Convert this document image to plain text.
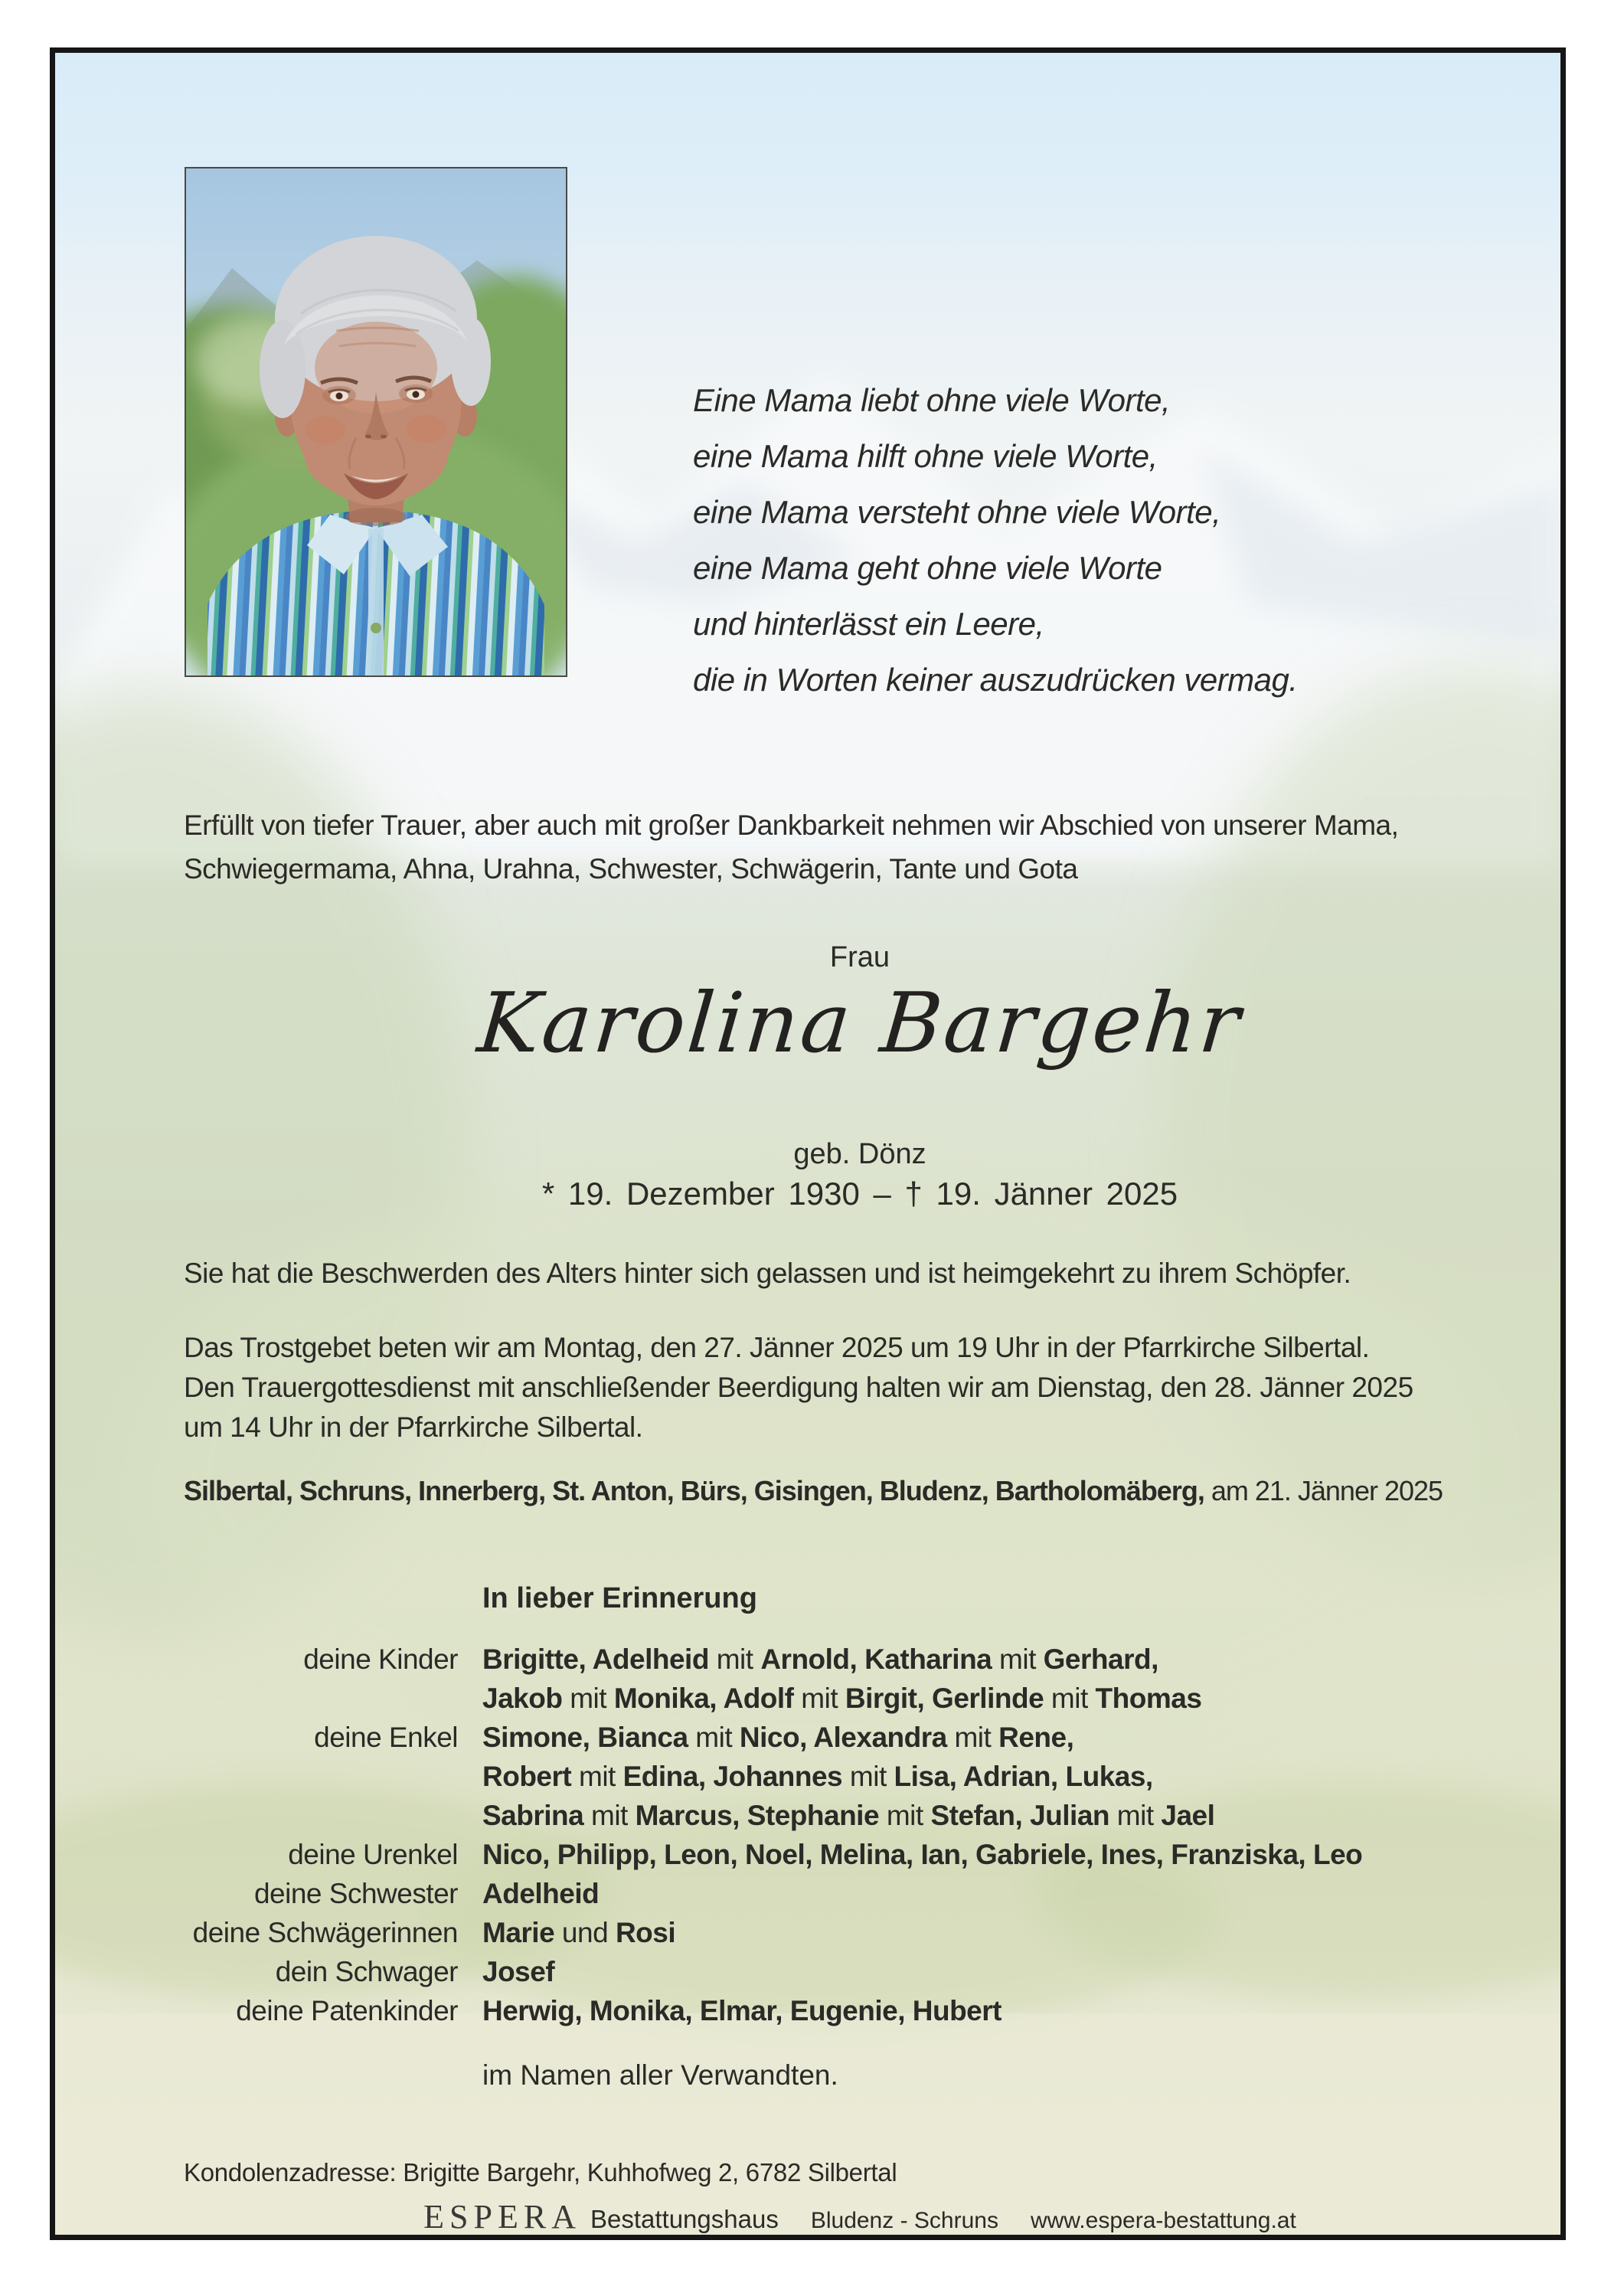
Eine Mama liebt ohne viele Worte,
eine Mama hilft ohne viele Worte,
eine Mama versteht ohne viele Worte,
eine Mama geht ohne viele Worte
und hinterlässt ein Leere,
die in Worten keiner auszudrücken vermag.
Erfüllt von tiefer Trauer, aber auch mit großer Dankbarkeit nehmen wir Abschied von unserer Mama,
Schwiegermama, Ahna, Urahna, Schwester, Schwägerin, Tante und Gota
Frau
Karolina Bargehr
geb. Dönz
* 19. Dezember 1930 – † 19. Jänner 2025
Sie hat die Beschwerden des Alters hinter sich gelassen und ist heimgekehrt zu ihrem Schöpfer.
Das Trostgebet beten wir am Montag, den 27. Jänner 2025 um 19 Uhr in der Pfarrkirche Silbertal.
Den Trauergottesdienst mit anschließender Beerdigung halten wir am Dienstag, den 28. Jänner 2025
um 14 Uhr in der Pfarrkirche Silbertal.
Silbertal, Schruns, Innerberg, St. Anton, Bürs, Gisingen, Bludenz, Bartholomäberg, am 21. Jänner 2025
In lieber Erinnerung
deine Kinder Brigitte, Adelheid mit Arnold, Katharina mit Gerhard,
Jakob mit Monika, Adolf mit Birgit, Gerlinde mit Thomas
deine Enkel Simone, Bianca mit Nico, Alexandra mit Rene,
Robert mit Edina, Johannes mit Lisa, Adrian, Lukas,
Sabrina mit Marcus, Stephanie mit Stefan, Julian mit Jael
deine Urenkel Nico, Philipp, Leon, Noel, Melina, Ian, Gabriele, Ines, Franziska, Leo
deine Schwester Adelheid
deine Schwägerinnen Marie und Rosi
dein Schwager Josef
deine Patenkinder Herwig, Monika, Elmar, Eugenie, Hubert
im Namen aller Verwandten.
Kondolenzadresse: Brigitte Bargehr, Kuhhofweg 2, 6782 Silbertal
ESPERA Bestattungshaus Bludenz - Schruns www.espera-bestattung.at
